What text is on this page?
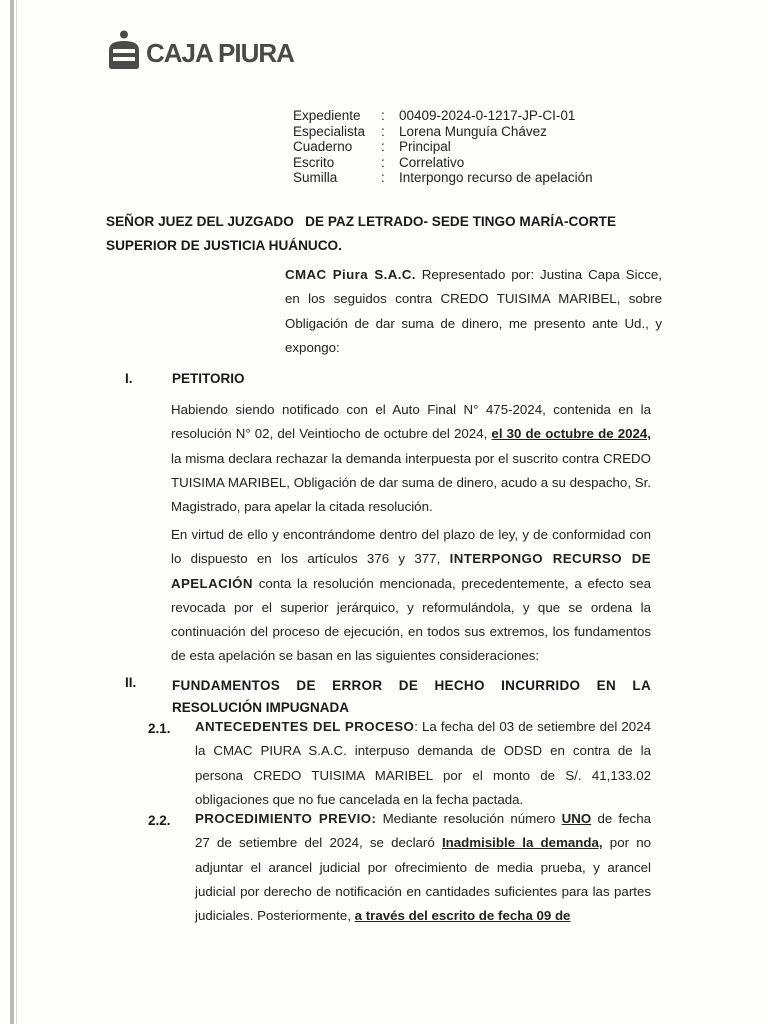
CAJA PIURA
Expediente	:	00409-2024-0-1217-JP-CI-01
Especialista	:	Lorena Munguía Chávez
Cuaderno	:	Principal
Escrito	:	Correlativo
Sumilla	:	Interpongo recurso de apelación
SEÑOR JUEZ DEL JUZGADO   DE PAZ LETRADO- SEDE TINGO MARÍA-CORTE
SUPERIOR DE JUSTICIA HUÁNUCO.
CMAC Piura S.A.C. Representado por: Justina Capa Sicce, en los seguidos contra CREDO TUISIMA MARIBEL, sobre Obligación de dar suma de dinero, me presento ante Ud., y expongo:
I.	PETITORIO
Habiendo siendo notificado con el Auto Final N° 475-2024, contenida en la resolución N° 02, del Veintiocho de octubre del 2024, el 30 de octubre de 2024, la misma declara rechazar la demanda interpuesta por el suscrito contra CREDO TUISIMA MARIBEL, Obligación de dar suma de dinero, acudo a su despacho, Sr. Magistrado, para apelar la citada resolución.
En virtud de ello y encontrándome dentro del plazo de ley, y de conformidad con lo dispuesto en los artículos 376 y 377, INTERPONGO RECURSO DE APELACIÓN conta la resolución mencionada, precedentemente, a efecto sea revocada por el superior jerárquico, y reformulándola, y que se ordena la continuación del proceso de ejecución, en todos sus extremos, los fundamentos de esta apelación se basan en las siguientes consideraciones:
II.	FUNDAMENTOS DE ERROR DE HECHO INCURRIDO EN LA
RESOLUCIÓN IMPUGNADA
2.1. ANTECEDENTES DEL PROCESO: La fecha del 03 de setiembre del 2024 la CMAC PIURA S.A.C. interpuso demanda de ODSD en contra de la persona CREDO TUISIMA MARIBEL por el monto de S/. 41,133.02 obligaciones que no fue cancelada en la fecha pactada.
2.2. PROCEDIMIENTO PREVIO: Mediante resolución número UNO de fecha 27 de setiembre del 2024, se declaró Inadmisible la demanda, por no adjuntar el arancel judicial por ofrecimiento de media prueba, y arancel judicial por derecho de notificación en cantidades suficientes para las partes judiciales. Posteriormente, a través del escrito de fecha 09 de
